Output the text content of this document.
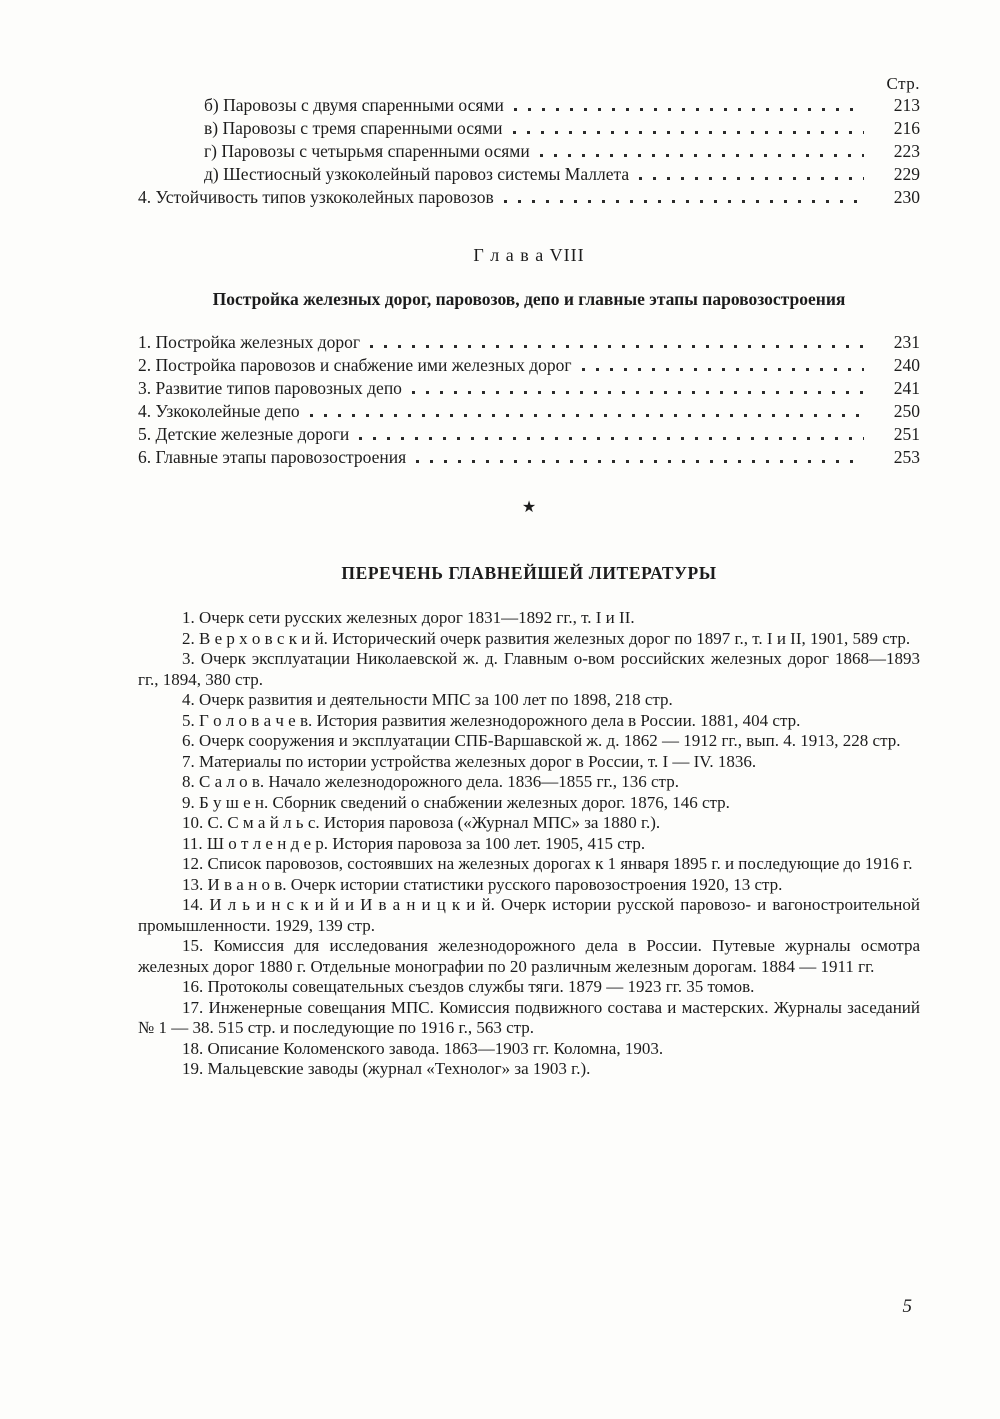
Стр.
б) Паровозы с двумя спаренными осями	213
в) Паровозы с тремя спаренными осями	216
г) Паровозы с четырьмя спаренными осями	223
д) Шестиосный узкоколейный паровоз системы Маллета	229
4. Устойчивость типов узкоколейных паровозов	230
Г л а в а VIII
Постройка железных дорог, паровозов, депо и главные этапы паровозостроения
1. Постройка железных дорог	231
2. Постройка паровозов и снабжение ими железных дорог	240
3. Развитие типов паровозных депо	241
4. Узкоколейные депо	250
5. Детские железные дороги	251
6. Главные этапы паровозостроения	253
★
ПЕРЕЧЕНЬ ГЛАВНЕЙШЕЙ ЛИТЕРАТУРЫ

1. Очерк сети русских железных дорог 1831—1892 гг., т. I и II.

2. В е р х о в с к и й. Исторический очерк развития железных дорог по 1897 г., т. I и II, 1901, 589 стр.

3. Очерк эксплуатации Николаевской ж. д. Главным о-вом российских железных дорог 1868—1893 гг., 1894, 380 стр.

4. Очерк развития и деятельности МПС за 100 лет по 1898, 218 стр.

5. Г о л о в а ч е в. История развития железнодорожного дела в России. 1881, 404 стр.

6. Очерк сооружения и эксплуатации СПБ-Варшавской ж. д. 1862 — 1912 гг., вып. 4. 1913, 228 стр.

7. Материалы по истории устройства железных дорог в России, т. I — IV. 1836.

8. С а л о в. Начало железнодорожного дела. 1836—1855 гг., 136 стр.

9. Б у ш е н. Сборник сведений о снабжении железных дорог. 1876, 146 стр.

10. С. С м а й л ь с. История паровоза («Журнал МПС» за 1880 г.).

11. Ш о т л е н д е р. История паровоза за 100 лет. 1905, 415 стр.

12. Список паровозов, состоявших на железных дорогах к 1 января 1895 г. и последующие до 1916 г.

13. И в а н о в. Очерк истории статистики русского паровозостроения 1920, 13 стр.

14. И л ь и н с к и й и И в а н и ц к и й. Очерк истории русской паровозо- и вагоностроительной промышленности. 1929, 139 стр.

15. Комиссия для исследования железнодорожного дела в России. Путевые журналы осмотра железных дорог 1880 г. Отдельные монографии по 20 различным железным дорогам. 1884 — 1911 гг.

16. Протоколы совещательных съездов службы тяги. 1879 — 1923 гг. 35 томов.

17. Инженерные совещания МПС. Комиссия подвижного состава и мастерских. Журналы заседаний № 1 — 38. 515 стр. и последующие по 1916 г., 563 стр.

18. Описание Коломенского завода. 1863—1903 гг. Коломна, 1903.

19. Мальцевские заводы (журнал «Технолог» за 1903 г.).

5
